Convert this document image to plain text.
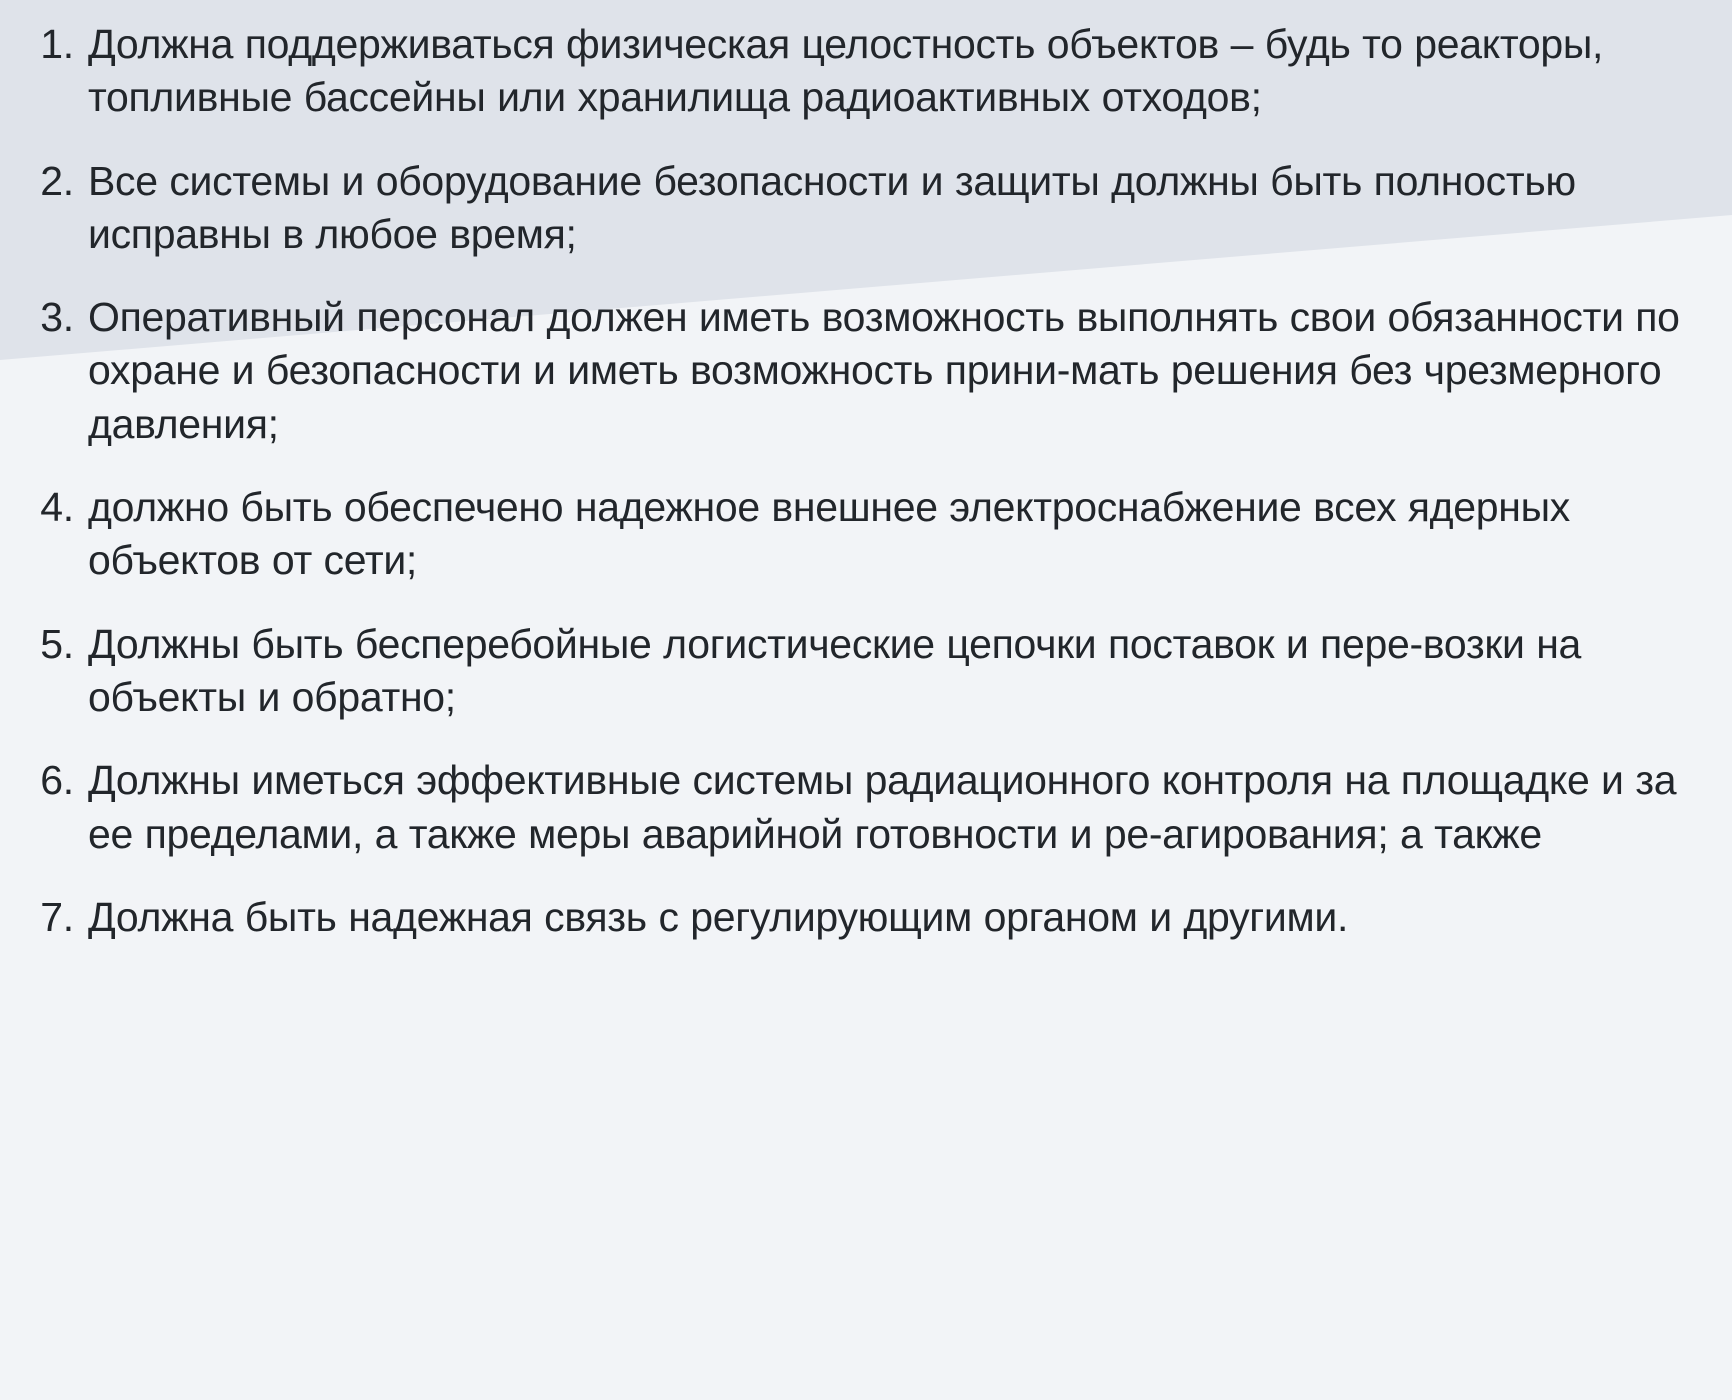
1. Должна поддерживаться физическая целостность объектов – будь то реакторы, топливные бассейны или хранилища радиоактивных отходов;
2. Все системы и оборудование безопасности и защиты должны быть полностью исправны в любое время;
3. Оперативный персонал должен иметь возможность выполнять свои обязанности по охране и безопасности и иметь возможность прини-мать решения без чрезмерного давления;
4. должно быть обеспечено надежное внешнее электроснабжение всех ядерных объектов от сети;
5. Должны быть бесперебойные логистические цепочки поставок и пере-возки на объекты и обратно;
6. Должны иметься эффективные системы радиационного контроля на площадке и за ее пределами, а также меры аварийной готовности и ре-агирования; а также
7. Должна быть надежная связь с регулирующим органом и другими.
